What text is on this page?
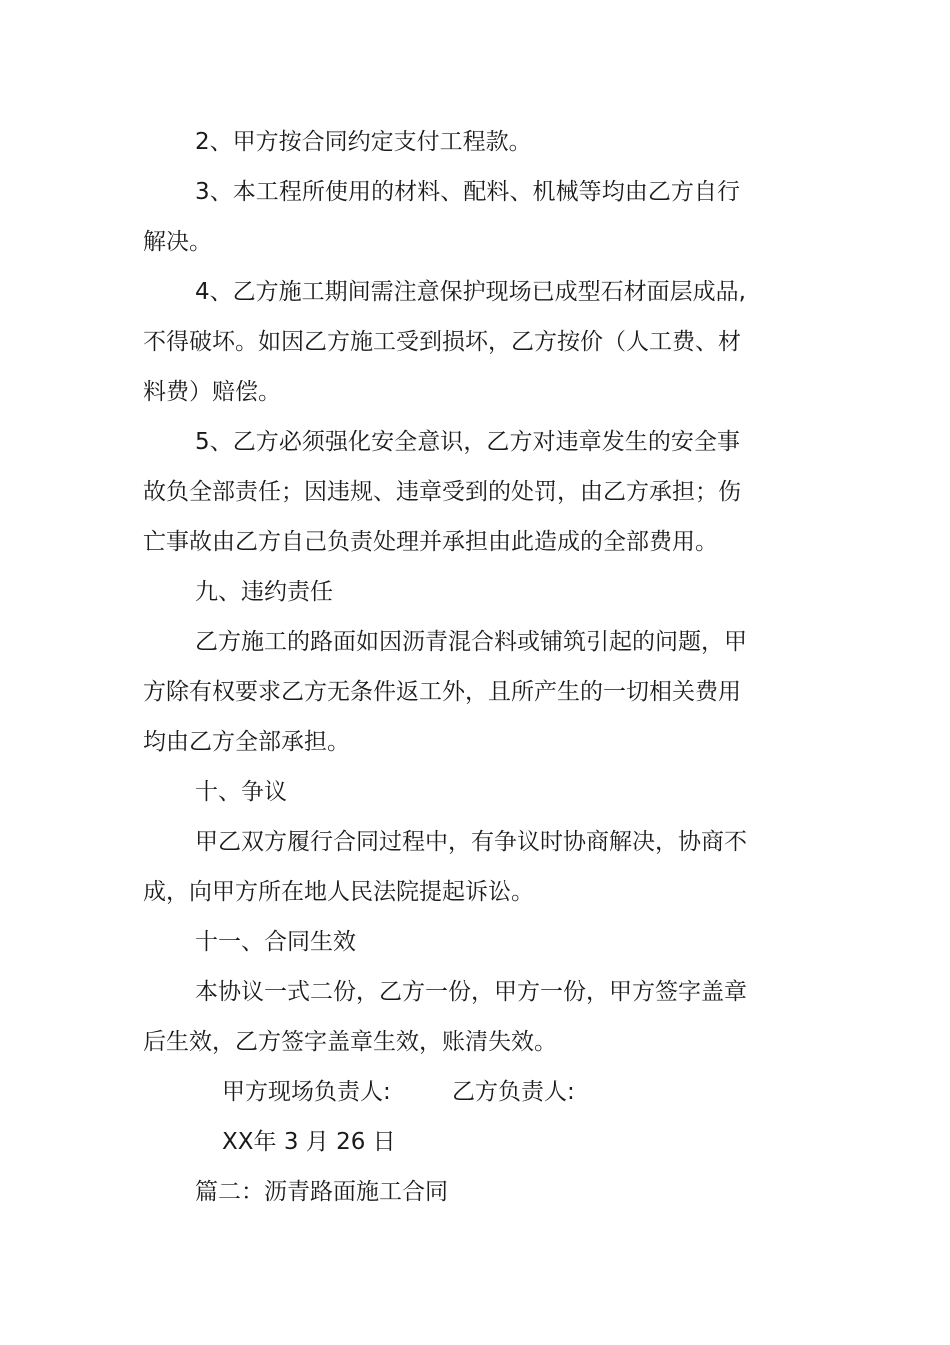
2、甲方按合同约定支付工程款。
3、本工程所使用的材料、配料、机械等均由乙方自行
解决。
4、乙方施工期间需注意保护现场已成型石材面层成品,
不得破坏。如因乙方施工受到损坏，乙方按价（人工费、材
料费）赔偿。
5、乙方必须强化安全意识，乙方对违章发生的安全事
故负全部责任；因违规、违章受到的处罚，由乙方承担；伤
亡事故由乙方自己负责处理并承担由此造成的全部费用。
九、违约责任
乙方施工的路面如因沥青混合料或铺筑引起的问题，甲
方除有权要求乙方无条件返工外，且所产生的一切相关费用
均由乙方全部承担。
十、争议
甲乙双方履行合同过程中，有争议时协商解决，协商不
成，向甲方所在地人民法院提起诉讼。
十一、合同生效
本协议一式二份，乙方一份，甲方一份，甲方签字盖章
后生效，乙方签字盖章生效，账清失效。
甲方现场负责人:	乙方负责人:
XX年 3 月 26 日
篇二：沥青路面施工合同
